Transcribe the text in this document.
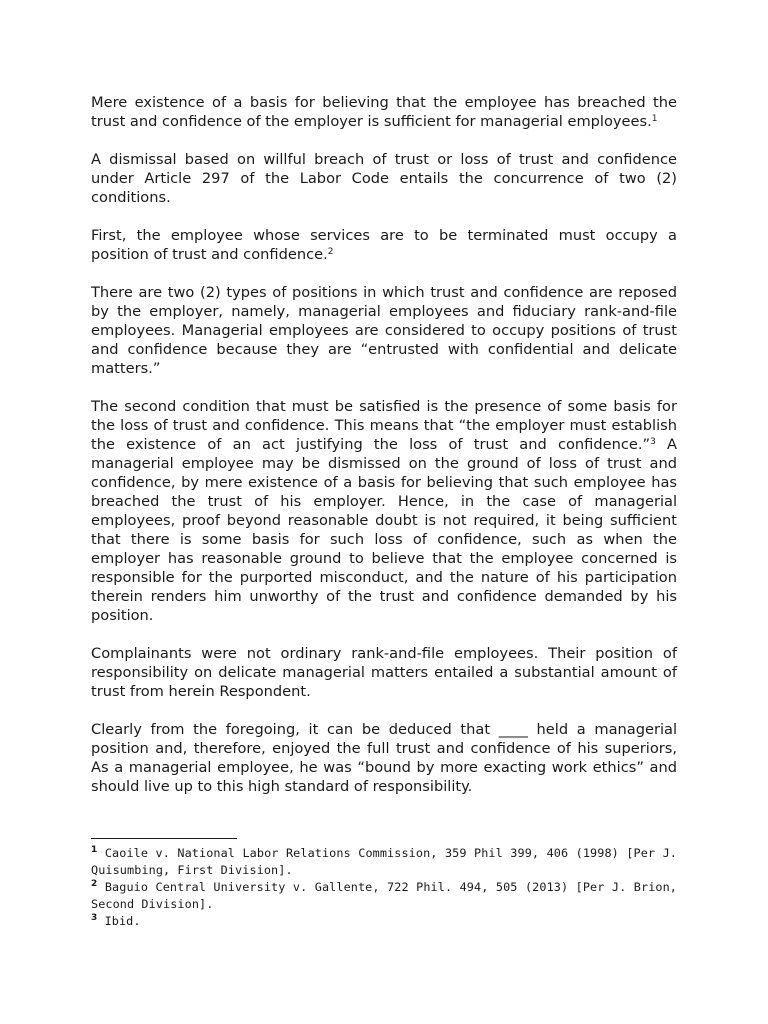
Mere existence of a basis for believing that the employee has breached the trust and confidence of the employer is sufficient for managerial employees.$^1$

A dismissal based on willful breach of trust or loss of trust and confidence under Article 297 of the Labor Code entails the concurrence of two (2) conditions.

First, the employee whose services are to be terminated must occupy a position of trust and confidence.$^2$

There are two (2) types of positions in which trust and confidence are reposed by the employer, namely, managerial employees and fiduciary rank-and-file employees. Managerial employees are considered to occupy positions of trust and confidence because they are “entrusted with confidential and delicate matters.”

The second condition that must be satisfied is the presence of some basis for the loss of trust and confidence. This means that “the employer must establish the existence of an act justifying the loss of trust and confidence.”$^3$ A managerial employee may be dismissed on the ground of loss of trust and confidence, by mere existence of a basis for believing that such employee has breached the trust of his employer. Hence, in the case of managerial employees, proof beyond reasonable doubt is not required, it being sufficient that there is some basis for such loss of confidence, such as when the employer has reasonable ground to believe that the employee concerned is responsible for the purported misconduct, and the nature of his participation therein renders him unworthy of the trust and confidence demanded by his position.

Complainants were not ordinary rank-and-file employees. Their position of responsibility on delicate managerial matters entailed a substantial amount of trust from herein Respondent.

Clearly from the foregoing, it can be deduced that ____ held a managerial position and, therefore, enjoyed the full trust and confidence of his superiors, As a managerial employee, he was “bound by more exacting work ethics” and should live up to this high standard of responsibility.

$^1$ Caoile v. National Labor Relations Commission, 359 Phil 399, 406 (1998) [Per J. Quisumbing, First Division].

$^2$ Baguio Central University v. Gallente, 722 Phil. 494, 505 (2013) [Per J. Brion, Second Division].

$^3$ Ibid.
